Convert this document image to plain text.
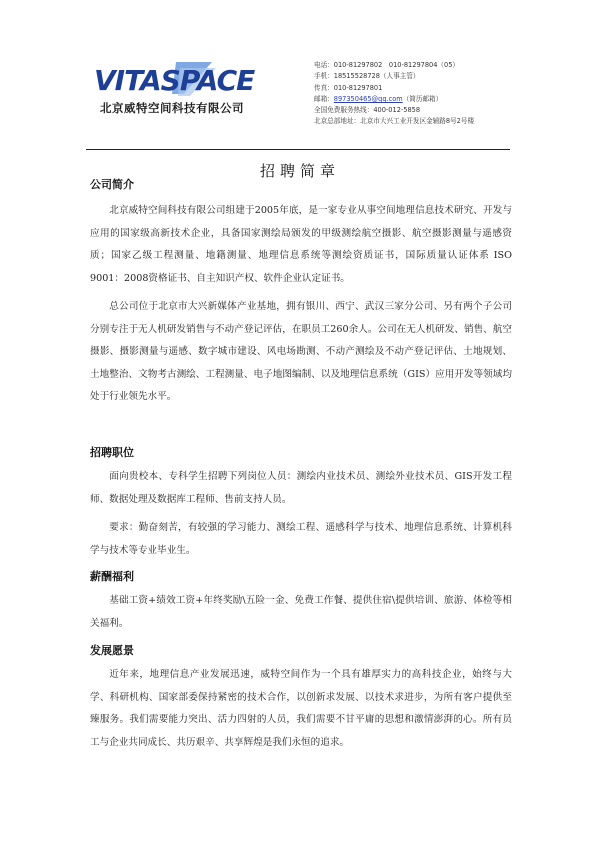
VITASPACE
北京威特空间科技有限公司
电话：010-81297802　010-81297804（05）
手机：18515528728（人事主管）
传真：010-81297801
邮箱：897350465@qq.com（简历邮箱）
全国免费服务热线：400-012-5858
北京总部地址：北京市大兴工业开发区金辅路8号2号楼
招聘简章
公司简介

北京威特空间科技有限公司组建于2005年底，是一家专业从事空间地理信息技术研究、开发与应用的国家级高新技术企业，具备国家测绘局颁发的甲级测绘航空摄影、航空摄影测量与遥感资质；国家乙级工程测量、地籍测量、地理信息系统等测绘资质证书，国际质量认证体系 ISO 9001：2008资格证书、自主知识产权、软件企业认定证书。

总公司位于北京市大兴新媒体产业基地，拥有银川、西宁、武汉三家分公司、另有两个子公司分别专注于无人机研发销售与不动产登记评估，在职员工260余人。公司在无人机研发、销售、航空摄影、摄影测量与遥感、数字城市建设、风电场勘测、不动产测绘及不动产登记评估、土地规划、土地整治、文物考古测绘、工程测量、电子地图编制、以及地理信息系统（GIS）应用开发等领域均处于行业领先水平。

招聘职位

面向贵校本、专科学生招聘下列岗位人员：测绘内业技术员、测绘外业技术员、GIS开发工程师、数据处理及数据库工程师、售前支持人员。

要求：勤奋刻苦，有较强的学习能力、测绘工程、遥感科学与技术、地理信息系统、计算机科学与技术等专业毕业生。

薪酬福利

基础工资+绩效工资+年终奖励\五险一金、免费工作餐、提供住宿\提供培训、旅游、体检等相关福利。

发展愿景

近年来，地理信息产业发展迅速，威特空间作为一个具有雄厚实力的高科技企业，始终与大学、科研机构、国家部委保持紧密的技术合作，以创新求发展、以技术求进步，为所有客户提供至臻服务。我们需要能力突出、活力四射的人员，我们需要不甘平庸的思想和激情澎湃的心。所有员工与企业共同成长、共历艰辛、共享辉煌是我们永恒的追求。
